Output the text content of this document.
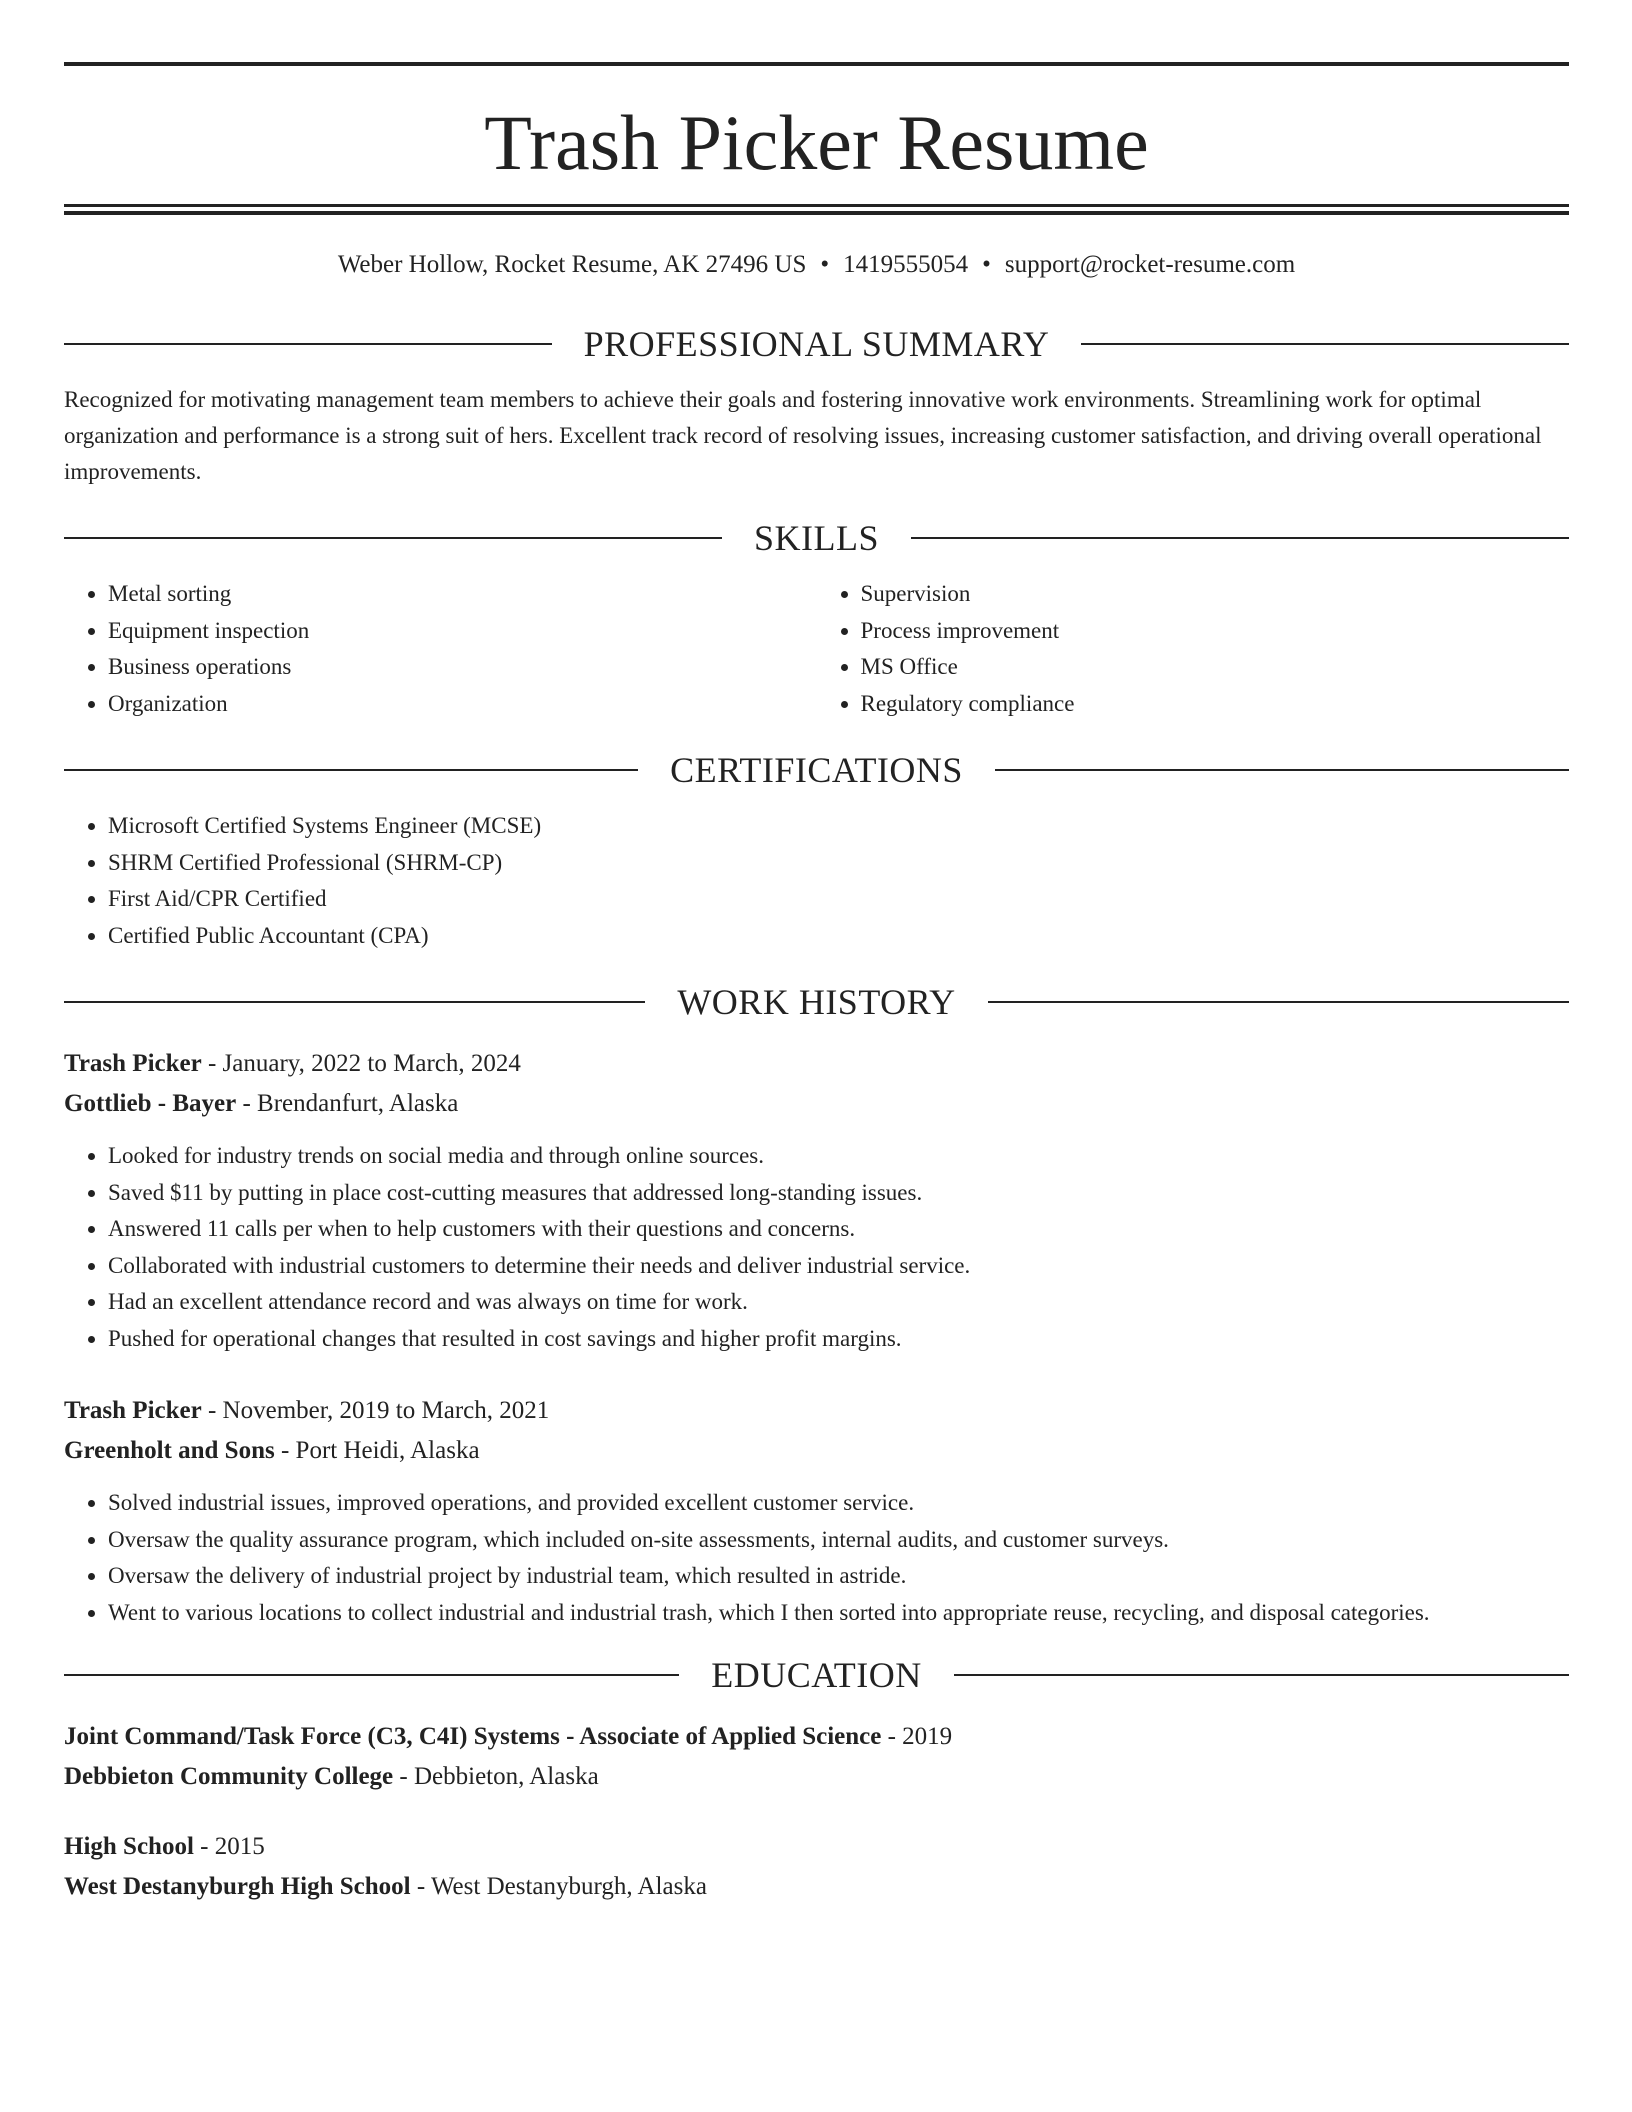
Trash Picker Resume
Weber Hollow, Rocket Resume, AK 27496 US • 1419555054 • support@rocket-resume.com
PROFESSIONAL SUMMARY
Recognized for motivating management team members to achieve their goals and fostering innovative work environments. Streamlining work for optimal organization and performance is a strong suit of hers. Excellent track record of resolving issues, increasing customer satisfaction, and driving overall operational improvements.
SKILLS
• Metal sorting
• Equipment inspection
• Business operations
• Organization
• Supervision
• Process improvement
• MS Office
• Regulatory compliance
CERTIFICATIONS
• Microsoft Certified Systems Engineer (MCSE)
• SHRM Certified Professional (SHRM-CP)
• First Aid/CPR Certified
• Certified Public Accountant (CPA)
WORK HISTORY
Trash Picker - January, 2022 to March, 2024
Gottlieb - Bayer - Brendanfurt, Alaska
• Looked for industry trends on social media and through online sources.
• Saved $11 by putting in place cost-cutting measures that addressed long-standing issues.
• Answered 11 calls per when to help customers with their questions and concerns.
• Collaborated with industrial customers to determine their needs and deliver industrial service.
• Had an excellent attendance record and was always on time for work.
• Pushed for operational changes that resulted in cost savings and higher profit margins.
Trash Picker - November, 2019 to March, 2021
Greenholt and Sons - Port Heidi, Alaska
• Solved industrial issues, improved operations, and provided excellent customer service.
• Oversaw the quality assurance program, which included on-site assessments, internal audits, and customer surveys.
• Oversaw the delivery of industrial project by industrial team, which resulted in astride.
• Went to various locations to collect industrial and industrial trash, which I then sorted into appropriate reuse, recycling, and disposal categories.
EDUCATION
Joint Command/Task Force (C3, C4I) Systems - Associate of Applied Science - 2019
Debbieton Community College - Debbieton, Alaska
High School - 2015
West Destanyburgh High School - West Destanyburgh, Alaska
